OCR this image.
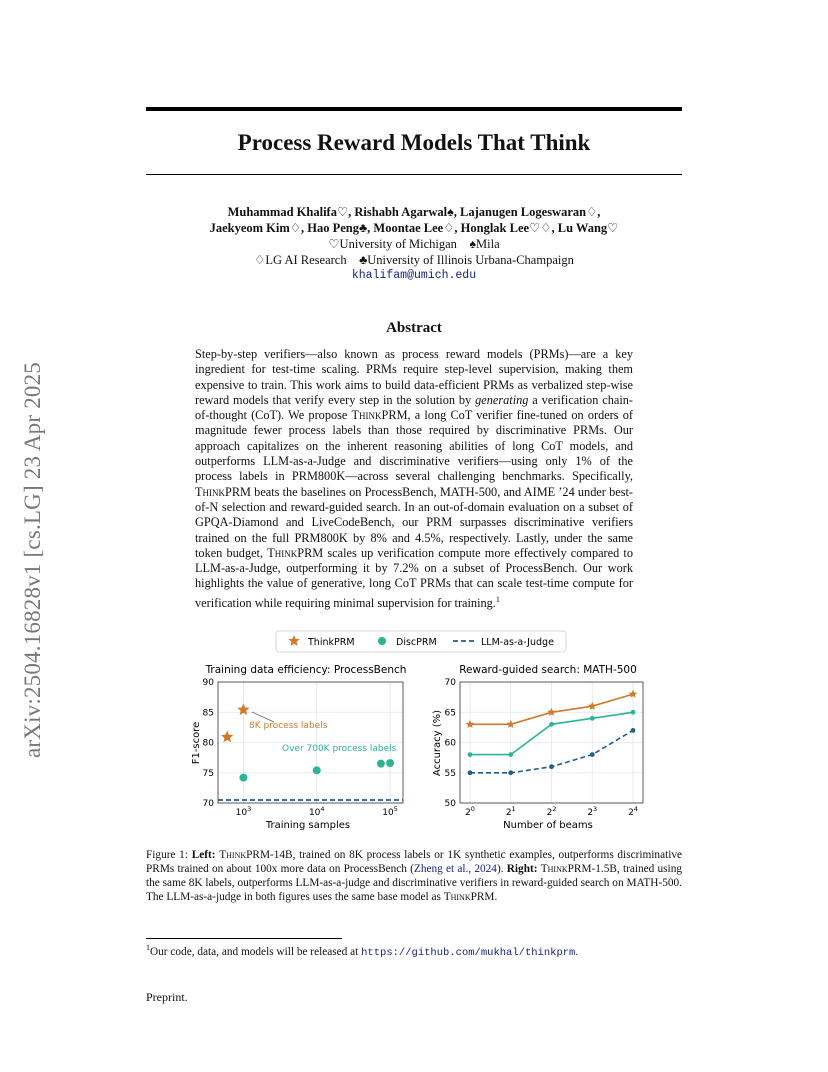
arXiv:2504.16828v1 [cs.LG] 23 Apr 2025
Process Reward Models That Think
Muhammad Khalifa♡, Rishabh Agarwal♠, Lajanugen Logeswaran♢,
Jaekyeom Kim♢, Hao Peng♣, Moontae Lee♢, Honglak Lee♡♢, Lu Wang♡
♡University of Michigan    ♠Mila
♢LG AI Research    ♣University of Illinois Urbana-Champaign
khalifam@umich.edu
Abstract
Step-by-step verifiers—also known as process reward models (PRMs)—are a key ingredient for test-time scaling. PRMs require step-level supervision, making them expensive to train. This work aims to build data-efficient PRMs as verbalized step-wise reward models that verify every step in the solution by generating a verification chain-of-thought (CoT). We propose ThinkPRM, a long CoT verifier fine-tuned on orders of magnitude fewer process labels than those required by discriminative PRMs. Our approach capitalizes on the inherent reasoning abilities of long CoT models, and outperforms LLM-as-a-Judge and discriminative verifiers—using only 1% of the process labels in PRM800K—across several challenging benchmarks. Specifically, ThinkPRM beats the baselines on ProcessBench, MATH-500, and AIME ’24 under best-of-N selection and reward-guided search. In an out-of-domain evaluation on a subset of GPQA-Diamond and LiveCodeBench, our PRM surpasses discriminative verifiers trained on the full PRM800K by 8% and 4.5%, respectively. Lastly, under the same token budget, ThinkPRM scales up verification compute more effectively compared to LLM-as-a-Judge, outperforming it by 7.2% on a subset of ProcessBench. Our work highlights the value of generative, long CoT PRMs that can scale test-time compute for verification while requiring minimal supervision for training.$^1$
ThinkPRM	DiscPRM	LLM-as-a-Judge
Training data efficiency: ProcessBench
70
75
80
85
90
$10^3$	$10^4$	$10^5$
8K process labels
Over 700K process labels
Training samples
F1-score
Reward-guided search: MATH-500
50
55
60
65
70
$2^0$	$2^1$	$2^2$	$2^3$	$2^4$
Number of beams
Accuracy (%)
Figure 1: Left: ThinkPRM-14B, trained on 8K process labels or 1K synthetic examples, outperforms discriminative PRMs trained on about 100x more data on ProcessBench (Zheng et al., 2024). Right: ThinkPRM-1.5B, trained using the same 8K labels, outperforms LLM-as-a-judge and discriminative verifiers in reward-guided search on MATH-500. The LLM-as-a-judge in both figures uses the same base model as ThinkPRM.
$^1$Our code, data, and models will be released at https://github.com/mukhal/thinkprm.
Preprint.
